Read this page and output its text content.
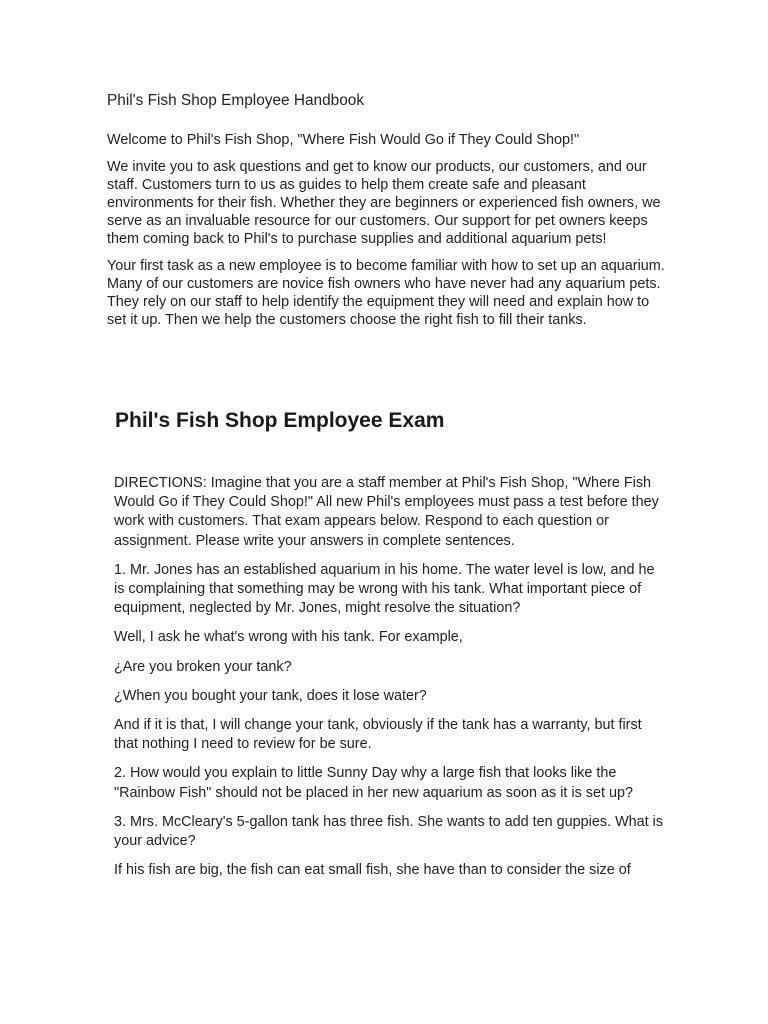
Phil's Fish Shop Employee Handbook

Welcome to Phil's Fish Shop, "Where Fish Would Go if They Could Shop!"

We invite you to ask questions and get to know our products, our customers, and our staff. Customers turn to us as guides to help them create safe and pleasant environments for their fish. Whether they are beginners or experienced fish owners, we serve as an invaluable resource for our customers. Our support for pet owners keeps them coming back to Phil's to purchase supplies and additional aquarium pets!

Your first task as a new employee is to become familiar with how to set up an aquarium. Many of our customers are novice fish owners who have never had any aquarium pets. They rely on our staff to help identify the equipment they will need and explain how to set it up. Then we help the customers choose the right fish to fill their tanks.

Phil's Fish Shop Employee Exam

DIRECTIONS: Imagine that you are a staff member at Phil's Fish Shop, "Where Fish Would Go if They Could Shop!" All new Phil's employees must pass a test before they work with customers. That exam appears below. Respond to each question or assignment. Please write your answers in complete sentences.

1. Mr. Jones has an established aquarium in his home. The water level is low, and he is complaining that something may be wrong with his tank. What important piece of equipment, neglected by Mr. Jones, might resolve the situation?

Well, I ask he what's wrong with his tank. For example,

¿Are you broken your tank?

¿When you bought your tank, does it lose water?

And if it is that, I will change your tank, obviously if the tank has a warranty, but first that nothing I need to review for be sure.

2. How would you explain to little Sunny Day why a large fish that looks like the "Rainbow Fish" should not be placed in her new aquarium as soon as it is set up?

3. Mrs. McCleary's 5-gallon tank has three fish. She wants to add ten guppies. What is your advice?

If his fish are big, the fish can eat small fish, she have than to consider the size of
